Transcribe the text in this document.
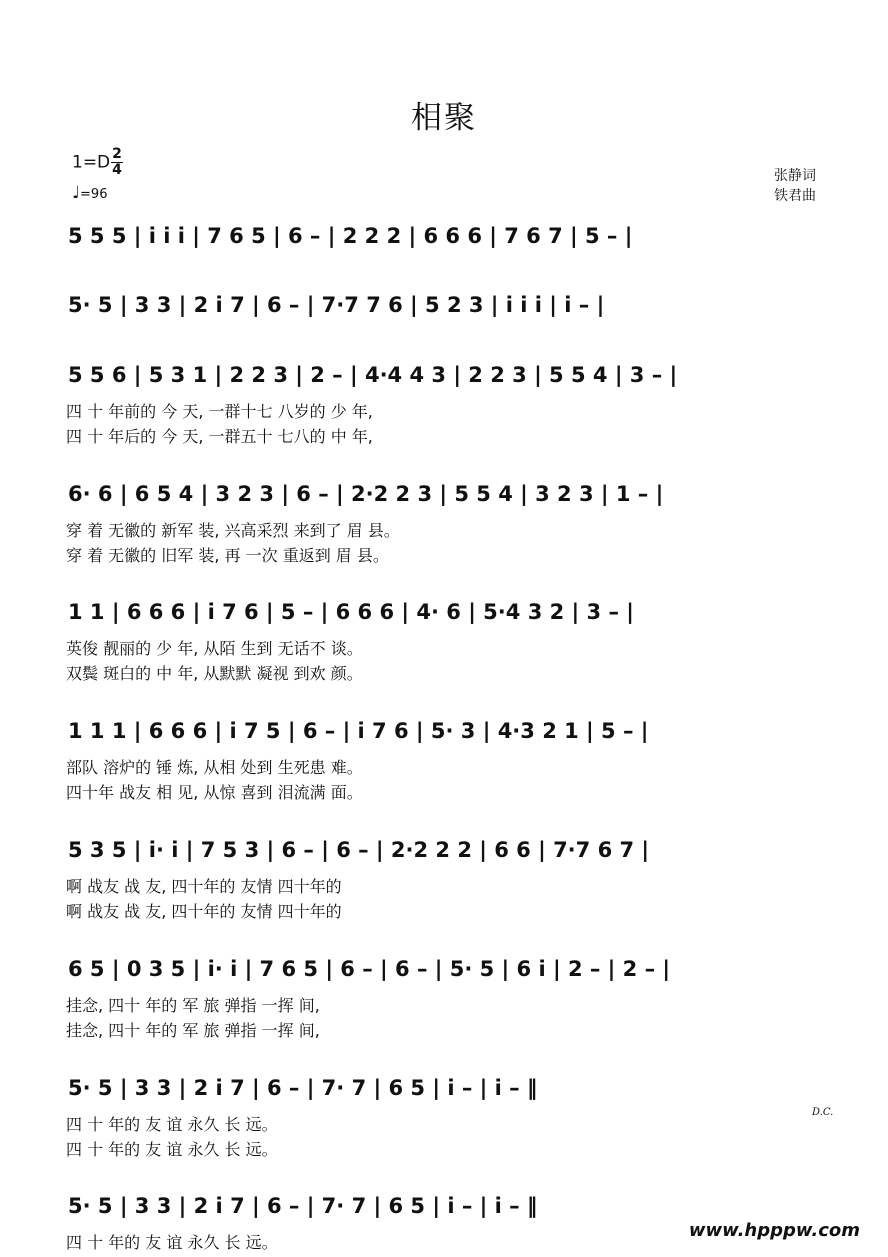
相聚
$1=D \frac{2}{4}$
♩=96
张静词
铁君曲
5 5 5 | i i i | 7 6 5 | 6 – | 2 2 2 | 6 6 6 | 7 6 7 | 5 – |
5· 5 | 3 3 | 2 i 7 | 6 – | 7·7 7 6 | 5 2 3 | i i i | i – |
5 5 6 | 5 3 1 | 2 2 3 | 2 – | 4·4 4 3 | 2 2 3 | 5 5 4 | 3 – |
四 十 年前的 今 天, 一群十七 八岁的 少 年,
四 十 年后的 今 天, 一群五十 七八的 中 年,
6· 6 | 6 5 4 | 3 2 3 | 6 – | 2·2 2 3 | 5 5 4 | 3 2 3 | 1 – |
穿 着 无徽的 新军 装, 兴高采烈 来到了 眉 县。
穿 着 无徽的 旧军 装, 再 一次 重返到 眉 县。
1 1 | 6 6 6 | i 7 6 | 5 – | 6 6 6 | 4· 6 | 5·4 3 2 | 3 – |
英俊 靓丽的 少 年, 从陌 生到 无话不 谈。
双鬓 斑白的 中 年, 从默默 凝视 到欢 颜。
1 1 1 | 6 6 6 | i 7 5 | 6 – | i 7 6 | 5· 3 | 4·3 2 1 | 5 – |
部队 溶炉的 锤 炼, 从相 处到 生死患 难。
四十年 战友 相 见, 从惊 喜到 泪流满 面。
5 3 5 | i· i | 7 5 3 | 6 – | 6 – | 2·2 2 2 | 6 6 | 7·7 6 7 |
啊 战友 战 友, 四十年的 友情 四十年的
啊 战友 战 友, 四十年的 友情 四十年的
6 5 | 0 3 5 | i· i | 7 6 5 | 6 – | 6 – | 5· 5 | 6 i | 2 – | 2 – |
挂念, 四十 年的 军 旅 弹指 一挥 间,
挂念, 四十 年的 军 旅 弹指 一挥 间,
5· 5 | 3 3 | 2 i 7 | 6 – | 7· 7 | 6 5 | i – | i – ‖
四 十 年的 友 谊 永久 长 远。
四 十 年的 友 谊 永久 长 远。
5· 5 | 3 3 | 2 i 7 | 6 – | 7· 7 | 6 5 | i – | i – ‖
四 十 年的 友 谊 永久 长 远。
D.C.
www.hpppw.com
